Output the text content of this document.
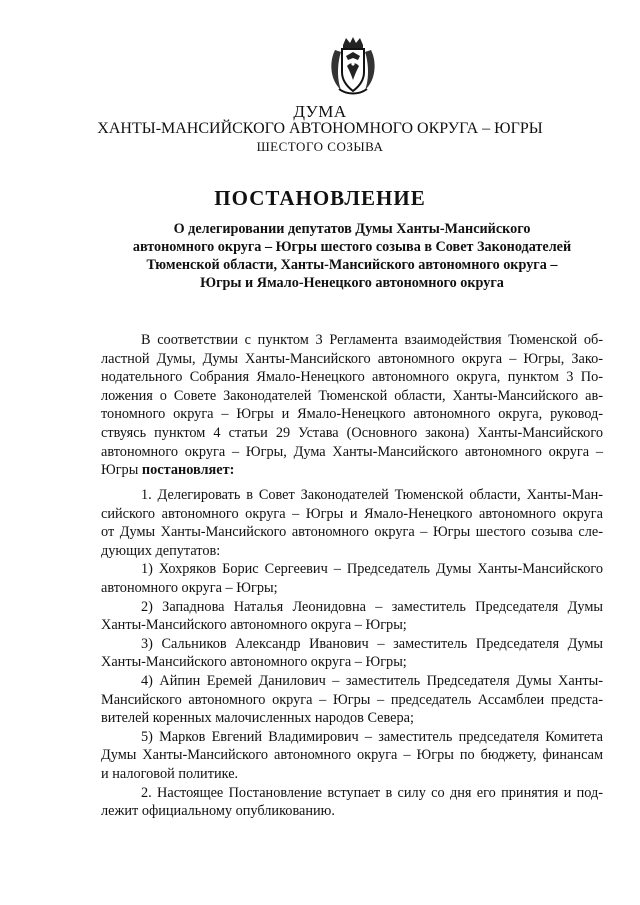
ДУМА
ХАНТЫ-МАНСИЙСКОГО АВТОНОМНОГО ОКРУГА – ЮГРЫ
ШЕСТОГО СОЗЫВА
ПОСТАНОВЛЕНИЕ
О делегировании депутатов Думы Ханты-Мансийского
автономного округа – Югры шестого созыва в Совет Законодателей
Тюменской области, Ханты-Мансийского автономного округа –
Югры и Ямало-Ненецкого автономного округа
В соответствии с пунктом 3 Регламента взаимодействия Тюменской об-
ластной Думы, Думы Ханты-Мансийского автономного округа – Югры, Зако-
нодательного Собрания Ямало-Ненецкого автономного округа, пунктом 3 По-
ложения о Совете Законодателей Тюменской области, Ханты-Мансийского ав-
тономного округа – Югры и Ямало-Ненецкого автономного округа, руковод-
ствуясь пунктом 4 статьи 29 Устава (Основного закона) Ханты-Мансийского
автономного округа – Югры, Дума Ханты-Мансийского автономного округа –
Югры постановляет:
1. Делегировать в Совет Законодателей Тюменской области, Ханты-Ман-
сийского автономного округа – Югры и Ямало-Ненецкого автономного округа
от Думы Ханты-Мансийского автономного округа – Югры шестого созыва сле-
дующих депутатов:
1) Хохряков Борис Сергеевич – Председатель Думы Ханты-Мансийского
автономного округа – Югры;
2) Западнова Наталья Леонидовна – заместитель Председателя Думы
Ханты-Мансийского автономного округа – Югры;
3) Сальников Александр Иванович – заместитель Председателя Думы
Ханты-Мансийского автономного округа – Югры;
4) Айпин Еремей Данилович – заместитель Председателя Думы Ханты-
Мансийского автономного округа – Югры – председатель Ассамблеи предста-
вителей коренных малочисленных народов Севера;
5) Марков Евгений Владимирович – заместитель председателя Комитета
Думы Ханты-Мансийского автономного округа – Югры по бюджету, финансам
и налоговой политике.
2. Настоящее Постановление вступает в силу со дня его принятия и под-
лежит официальному опубликованию.
